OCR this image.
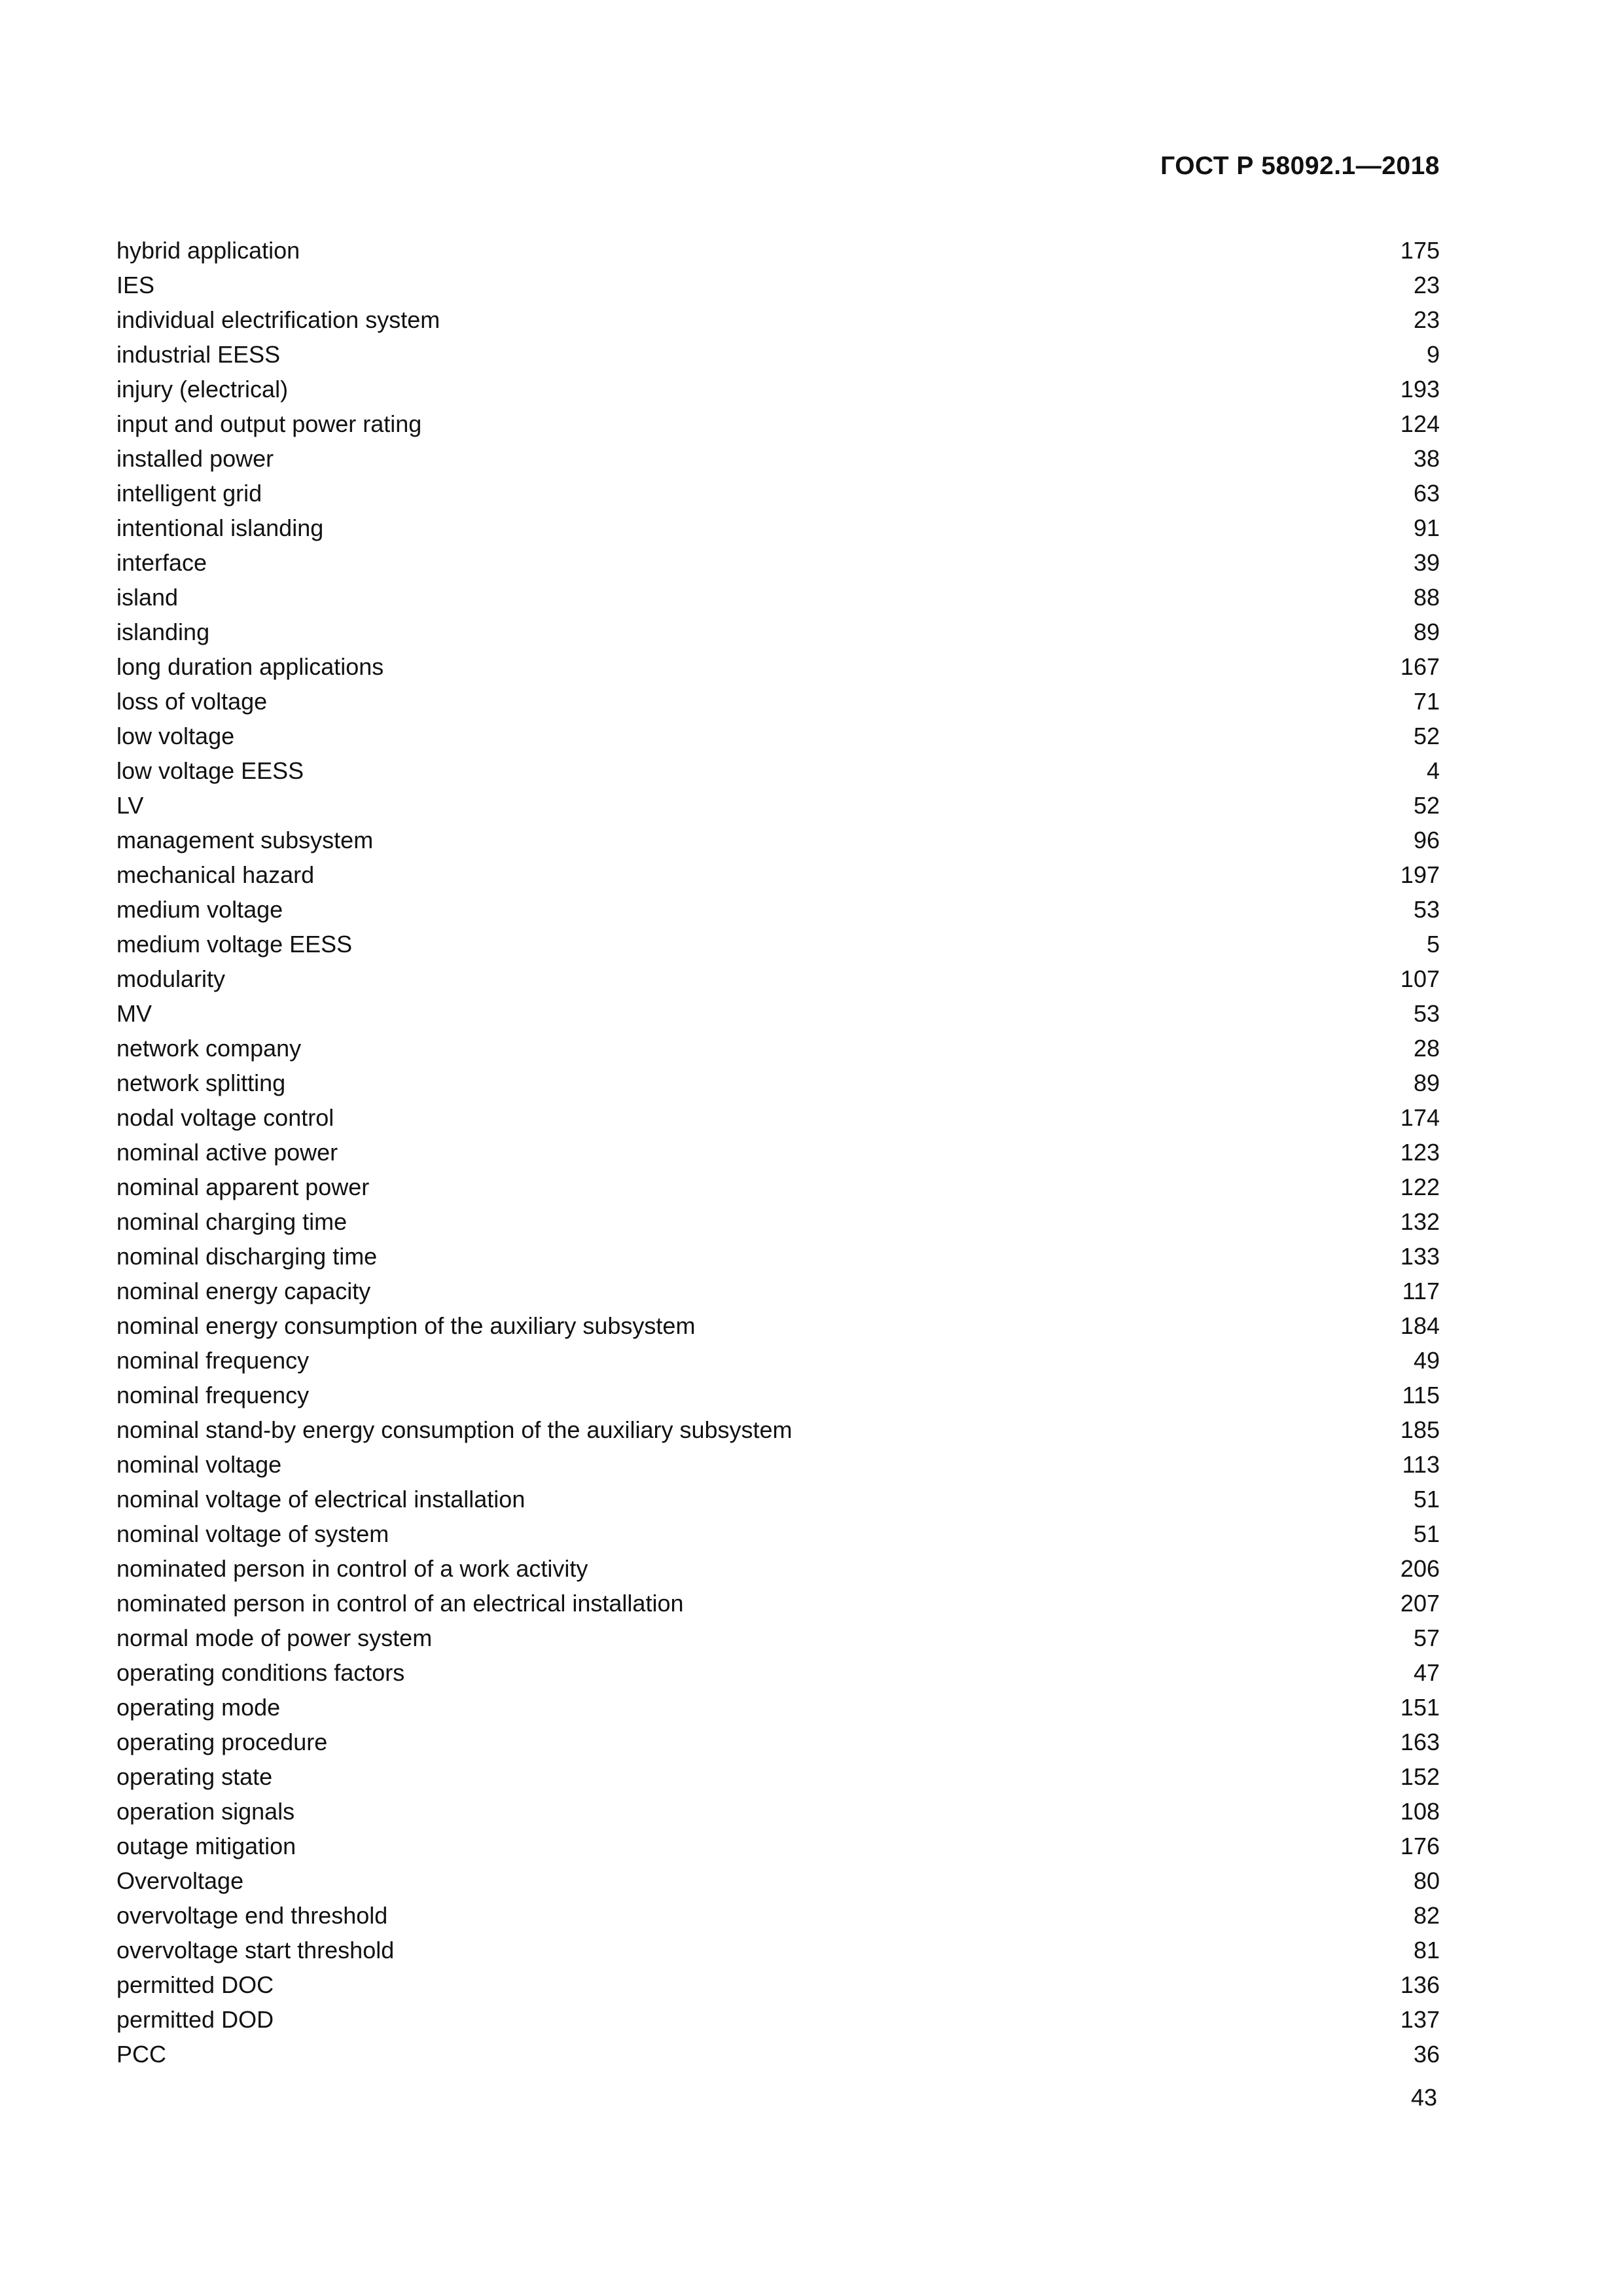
ГОСТ Р 58092.1—2018
hybrid application	175
IES	23
individual electrification system	23
industrial EESS	9
injury (electrical)	193
input and output power rating	124
installed power	38
intelligent grid	63
intentional islanding	91
interface	39
island	88
islanding	89
long duration applications	167
loss of voltage	71
low voltage	52
low voltage EESS	4
LV	52
management subsystem	96
mechanical hazard	197
medium voltage	53
medium voltage EESS	5
modularity	107
MV	53
network company	28
network splitting	89
nodal voltage control	174
nominal active power	123
nominal apparent power	122
nominal charging time	132
nominal discharging time	133
nominal energy capacity	117
nominal energy consumption of the auxiliary subsystem	184
nominal frequency	49
nominal frequency	115
nominal stand-by energy consumption of the auxiliary subsystem	185
nominal voltage	113
nominal voltage of electrical installation	51
nominal voltage of system	51
nominated person in control of a work activity	206
nominated person in control of an electrical installation	207
normal mode of power system	57
operating conditions factors	47
operating mode	151
operating procedure	163
operating state	152
operation signals	108
outage mitigation	176
Overvoltage	80
overvoltage end threshold	82
overvoltage start threshold	81
permitted DOC	136
permitted DOD	137
PCC	36
43
